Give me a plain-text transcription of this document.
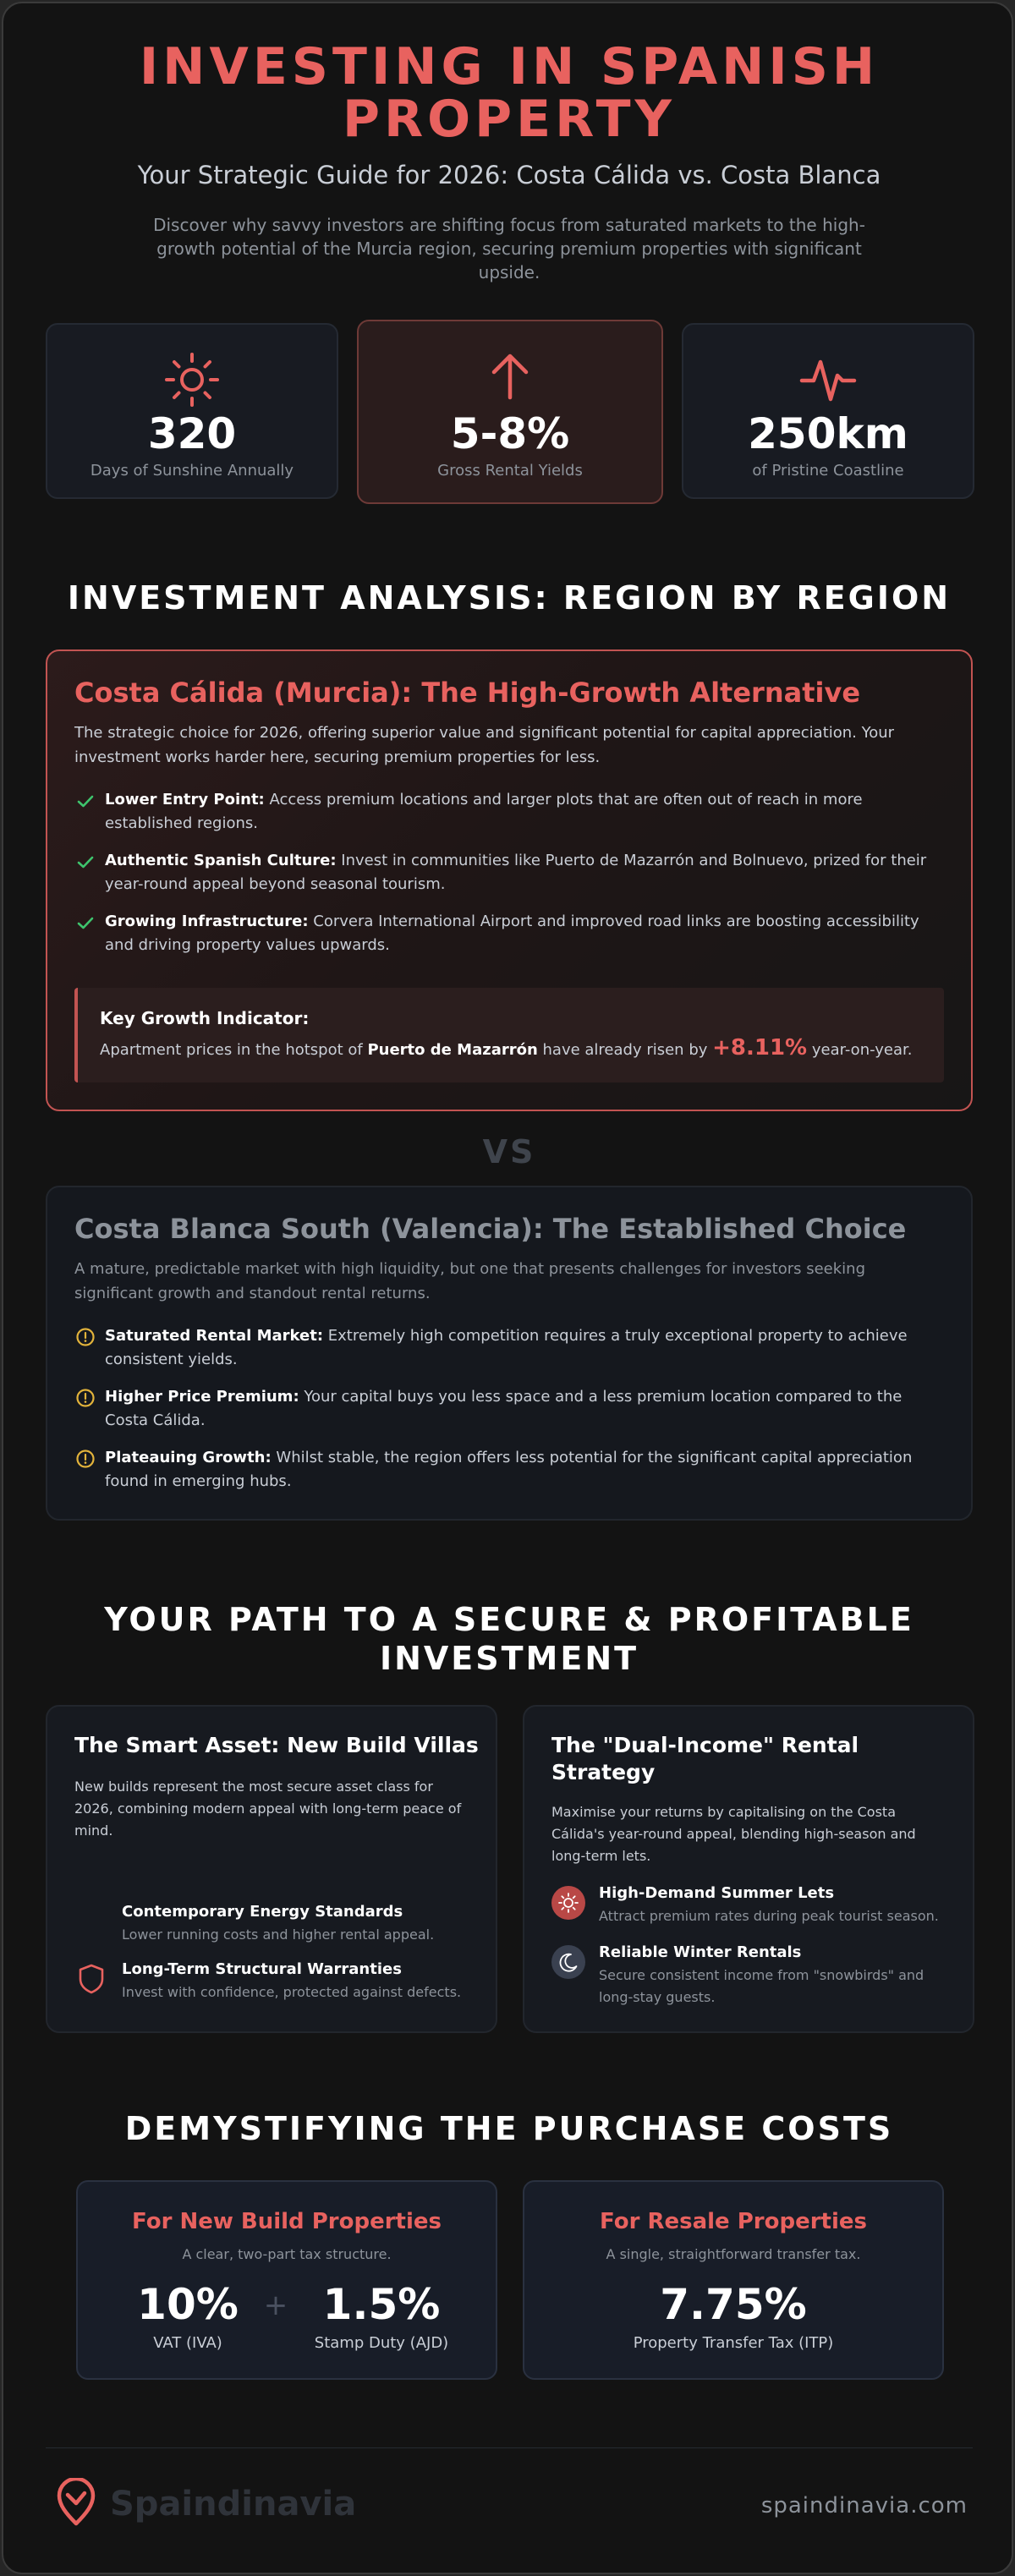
INVESTING IN SPANISH
PROPERTY
Your Strategic Guide for 2026: Costa Cálida vs. Costa Blanca
Discover why savvy investors are shifting focus from saturated markets to the high-growth potential of the Murcia region, securing premium properties with significant upside.
320
Days of Sunshine Annually
5-8%
Gross Rental Yields
250km
of Pristine Coastline
INVESTMENT ANALYSIS: REGION BY REGION
Costa Cálida (Murcia): The High-Growth Alternative
The strategic choice for 2026, offering superior value and significant potential for capital appreciation. Your investment works harder here, securing premium properties for less.
Lower Entry Point: Access premium locations and larger plots that are often out of reach in more established regions.
Authentic Spanish Culture: Invest in communities like Puerto de Mazarrón and Bolnuevo, prized for their year-round appeal beyond seasonal tourism.
Growing Infrastructure: Corvera International Airport and improved road links are boosting accessibility and driving property values upwards.
Key Growth Indicator:
Apartment prices in the hotspot of Puerto de Mazarrón have already risen by +8.11% year-on-year.
VS
Costa Blanca South (Valencia): The Established Choice
A mature, predictable market with high liquidity, but one that presents challenges for investors seeking significant growth and standout rental returns.
Saturated Rental Market: Extremely high competition requires a truly exceptional property to achieve consistent yields.
Higher Price Premium: Your capital buys you less space and a less premium location compared to the Costa Cálida.
Plateauing Growth: Whilst stable, the region offers less potential for the significant capital appreciation found in emerging hubs.
YOUR PATH TO A SECURE & PROFITABLE
INVESTMENT
The Smart Asset: New Build Villas
New builds represent the most secure asset class for 2026, combining modern appeal with long-term peace of mind.
Contemporary Energy Standards
Lower running costs and higher rental appeal.
Long-Term Structural Warranties
Invest with confidence, protected against defects.
The "Dual-Income" Rental
Strategy
Maximise your returns by capitalising on the Costa Cálida's year-round appeal, blending high-season and long-term lets.
High-Demand Summer Lets
Attract premium rates during peak tourist season.
Reliable Winter Rentals
Secure consistent income from "snowbirds" and long-stay guests.
DEMYSTIFYING THE PURCHASE COSTS
For New Build Properties
A clear, two-part tax structure.
10%
VAT (IVA)
+ 1.5%
Stamp Duty (AJD)
For Resale Properties
A single, straightforward transfer tax.
7.75%
Property Transfer Tax (ITP)
Spaindinavia	spaindinavia.com
